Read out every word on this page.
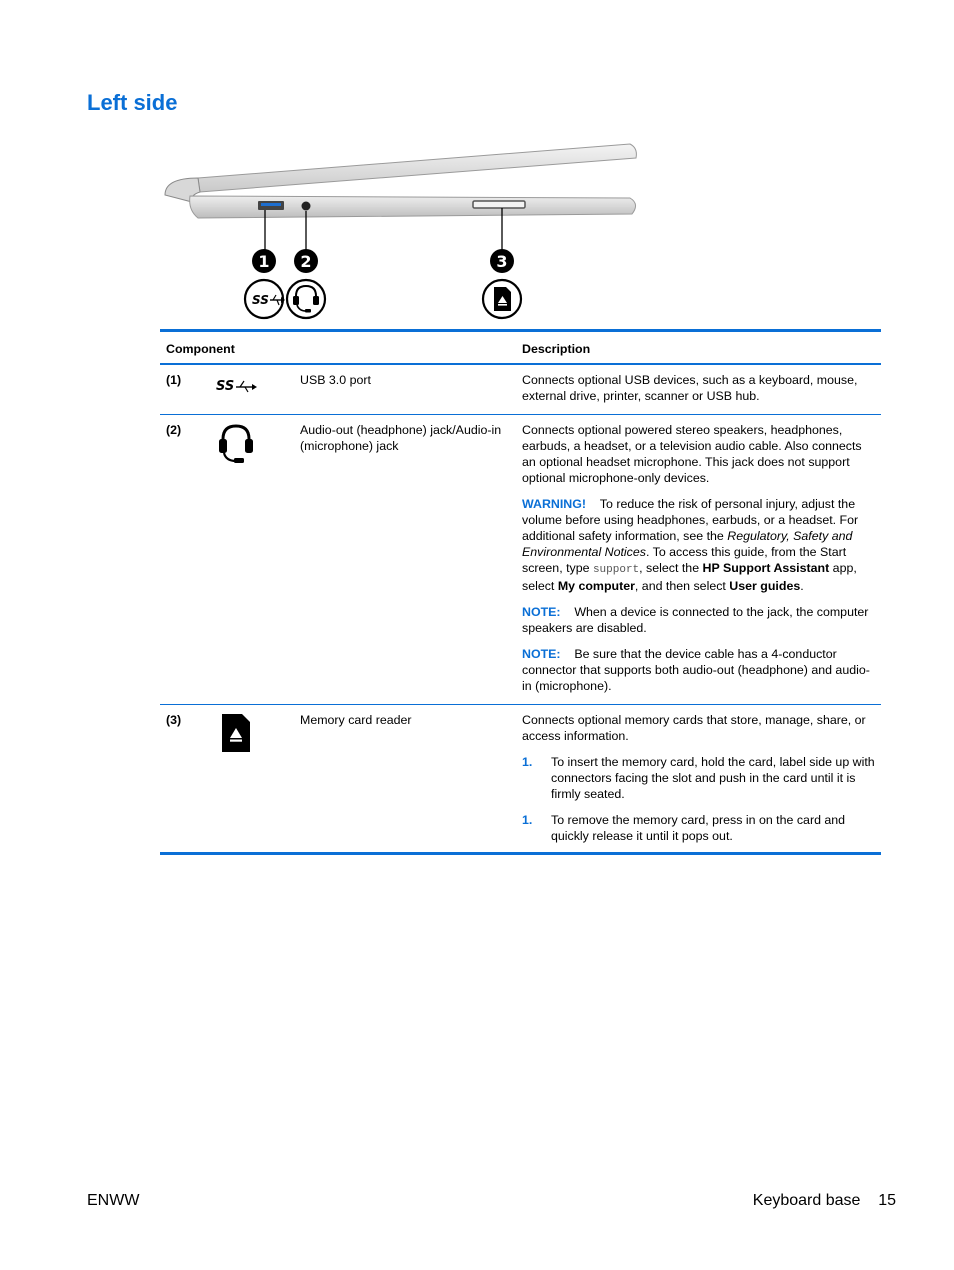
Left side
1 2	3
SS
Component			Description
(1)	SS	USB 3.0 port	Connects optional USB devices, such as a keyboard, mouse, external drive, printer, scanner or USB hub.

(2)		Audio-out (headphone) jack/Audio-in (microphone) jack	Connects optional powered stereo speakers, headphones, earbuds, a headset, or a television audio cable. Also connects an optional headset microphone. This jack does not support optional microphone-only devices.

WARNING! To reduce the risk of personal injury, adjust the volume before using headphones, earbuds, or a headset. For additional safety information, see the Regulatory, Safety and Environmental Notices. To access this guide, from the Start screen, type support, select the HP Support Assistant app, select My computer, and then select User guides.

NOTE: When a device is connected to the jack, the computer speakers are disabled.

NOTE: Be sure that the device cable has a 4-conductor connector that supports both audio-out (headphone) and audio-in (microphone).

(3)		Memory card reader	Connects optional memory cards that store, manage, share, or access information.

1. To insert the memory card, hold the card, label side up with connectors facing the slot and push in the card until it is firmly seated.
1. To remove the memory card, press in on the card and quickly release it until it pops out.
ENWW	Keyboard base 15
